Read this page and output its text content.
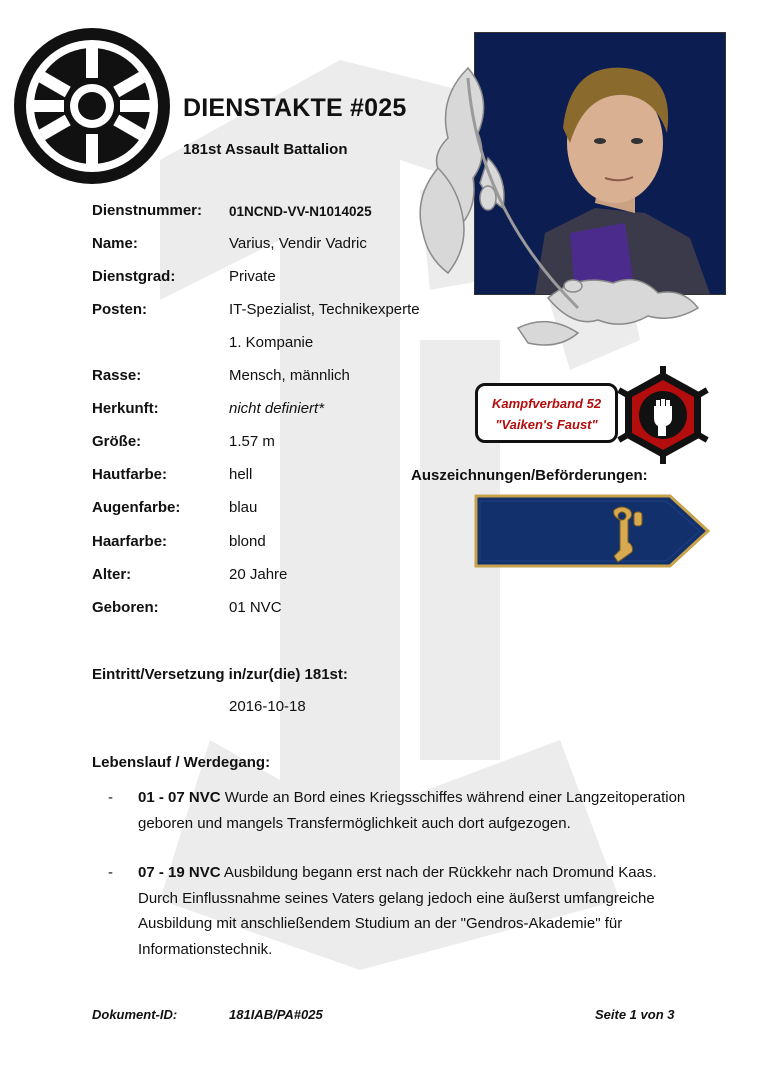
DIENSTAKTE #025
181st Assault Battalion
Dienstnummer: 01NCND-VV-N1014025
Name:	Varius, Vendir Vadric
Dienstgrad:	Private
Posten:	IT-Spezialist, Technikexperte
1. Kompanie
Rasse:	Mensch, männlich
Herkunft:	nicht definiert*
Größe:	1.57 m
Hautfarbe:	hell
Augenfarbe:	blau
Haarfarbe:	blond
Alter:	20 Jahre
Geboren:	01 NVC
Kampfverband 52
"Vaiken's Faust"
Auszeichnungen/Beförderungen:
Eintritt/Versetzung in/zur(die) 181st:
2016-10-18
Lebenslauf / Werdegang:
- 01 - 07 NVC Wurde an Bord eines Kriegsschiffes während einer Langzeitoperation geboren und mangels Transfermöglichkeit auch dort aufgezogen.
- 07 - 19 NVC Ausbildung begann erst nach der Rückkehr nach Dromund Kaas. Durch Einflussnahme seines Vaters gelang jedoch eine äußerst umfangreiche Ausbildung mit anschließendem Studium an der "Gendros-Akademie" für Informationstechnik.
Dokument-ID:	181IAB/PA#025	Seite 1 von 3
